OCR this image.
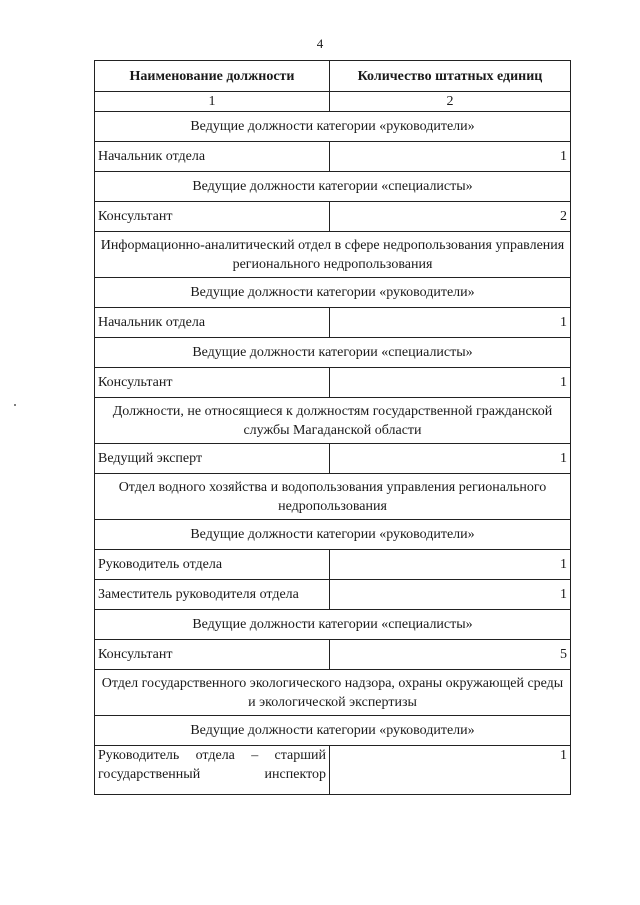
4
Наименование должности	Количество штатных единиц
1	2
Ведущие должности категории «руководители»	
Начальник отдела	1
Ведущие должности категории «специалисты»	
Консультант	2
Информационно-аналитический отдел в сфере недропользования управления регионального недропользования	
Ведущие должности категории «руководители»	
Начальник отдела	1
Ведущие должности категории «специалисты»	
Консультант	1
Должности, не относящиеся к должностям государственной гражданской службы Магаданской области	
Ведущий эксперт	1
Отдел водного хозяйства и водопользования управления регионального недропользования	
Ведущие должности категории «руководители»	
Руководитель отдела	1
Заместитель руководителя отдела	1
Ведущие должности категории «специалисты»	
Консультант	5
Отдел государственного экологического надзора, охраны окружающей среды и экологической экспертизы	
Ведущие должности категории «руководители»	
Руководитель отдела – старший государственный инспектор	1
